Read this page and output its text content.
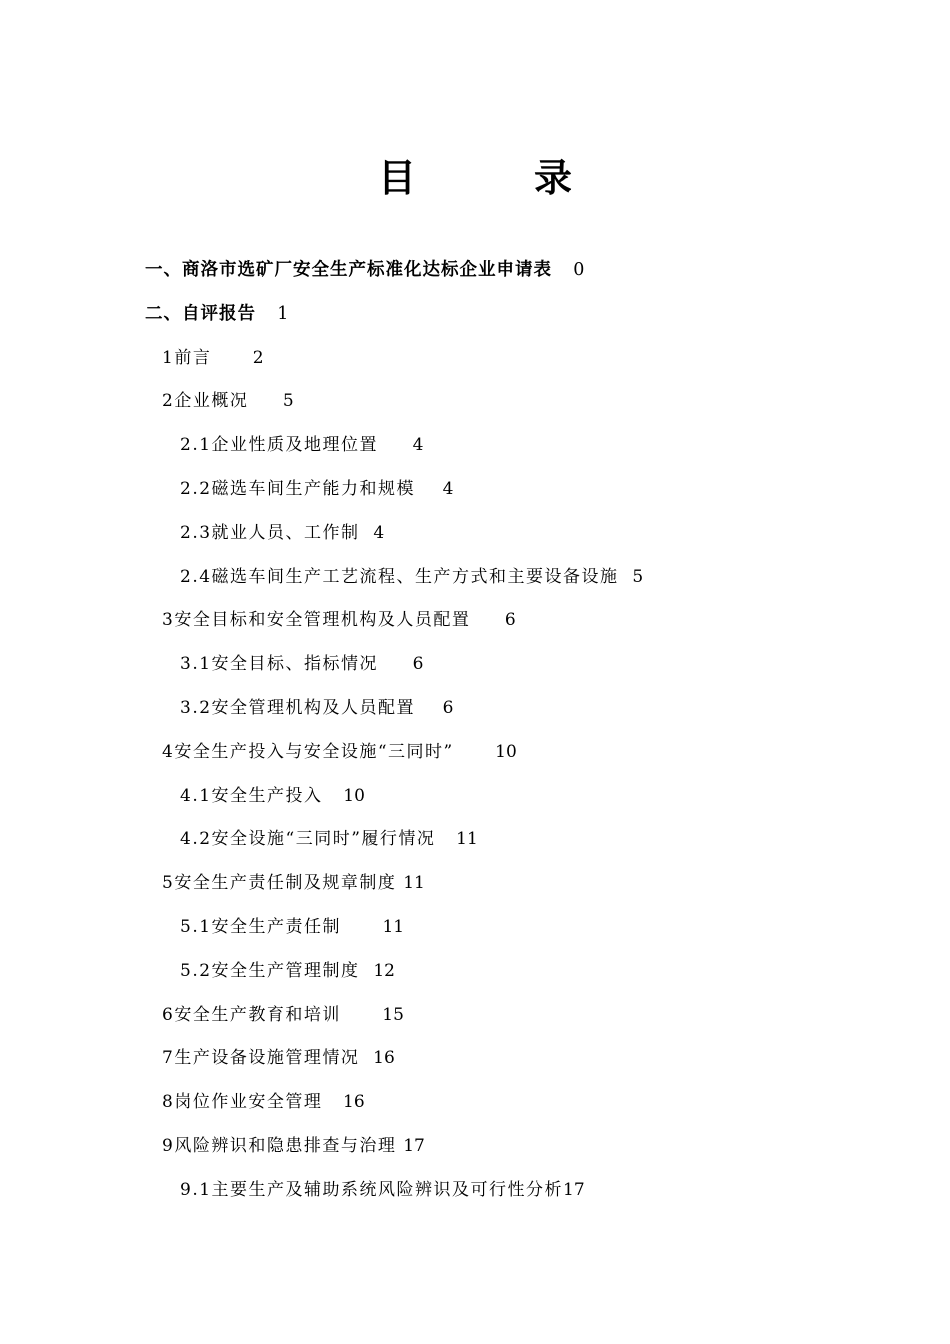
目　录
一、商洛市选矿厂安全生产标准化达标企业申请表 0
二、自评报告 1
1前言 2
2企业概况 5
2.1企业性质及地理位置 4
2.2磁选车间生产能力和规模 4
2.3就业人员、工作制 4
2.4磁选车间生产工艺流程、生产方式和主要设备设施 5
3安全目标和安全管理机构及人员配置 6
3.1安全目标、指标情况 6
3.2安全管理机构及人员配置 6
4安全生产投入与安全设施“三同时” 10
4.1安全生产投入 10
4.2安全设施“三同时”履行情况 11
5安全生产责任制及规章制度 11
5.1安全生产责任制 11
5.2安全生产管理制度 12
6安全生产教育和培训 15
7生产设备设施管理情况 16
8岗位作业安全管理 16
9风险辨识和隐患排查与治理 17
9.1主要生产及辅助系统风险辨识及可行性分析17
